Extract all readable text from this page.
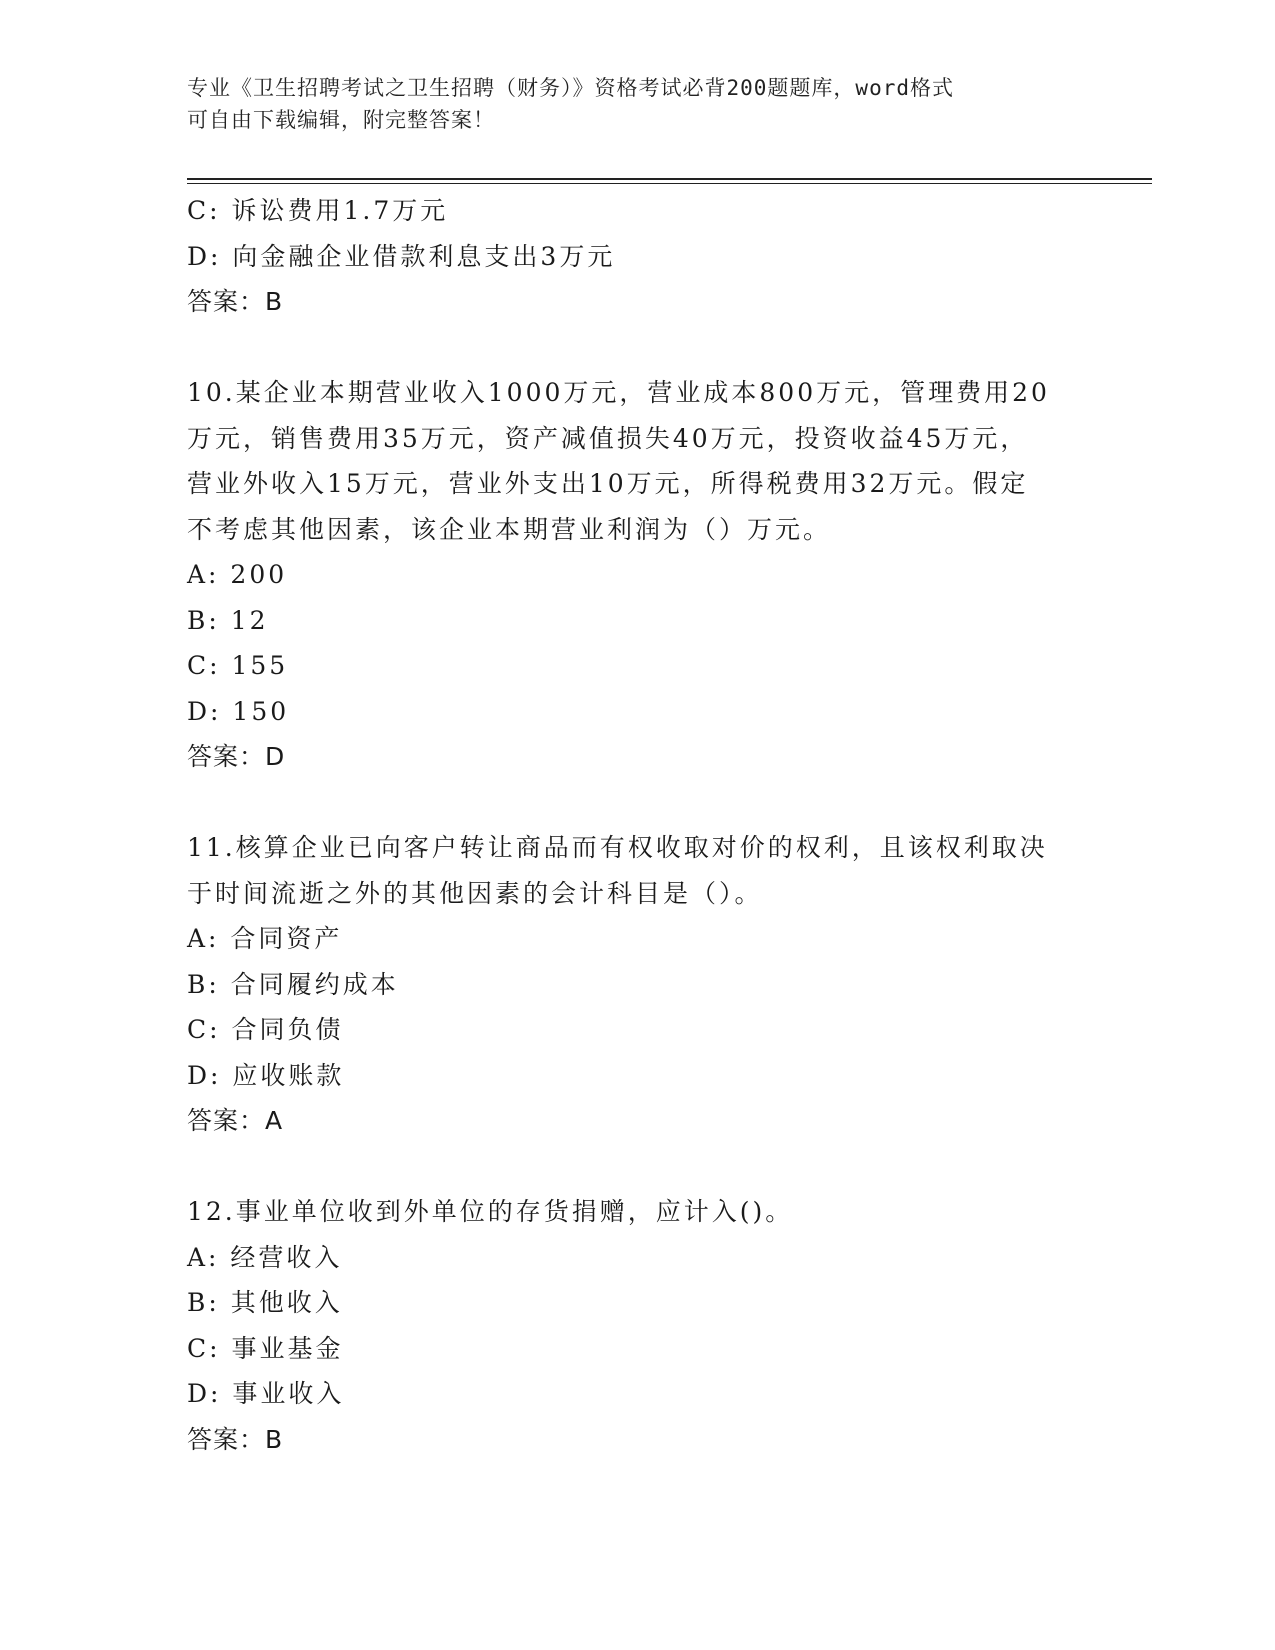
专业《卫生招聘考试之卫生招聘（财务）》资格考试必背200题题库，word格式
可自由下载编辑，附完整答案！
C: 诉讼费用1.7万元
D: 向金融企业借款利息支出3万元
答案：B
10.某企业本期营业收入1000万元，营业成本800万元，管理费用20
万元，销售费用35万元，资产减值损失40万元，投资收益45万元，
营业外收入15万元，营业外支出10万元，所得税费用32万元。假定
不考虑其他因素，该企业本期营业利润为（）万元。
A: 200
B: 12
C: 155
D: 150
答案：D
11.核算企业已向客户转让商品而有权收取对价的权利，且该权利取决
于时间流逝之外的其他因素的会计科目是（）。
A: 合同资产
B: 合同履约成本
C: 合同负债
D: 应收账款
答案：A
12.事业单位收到外单位的存货捐赠，应计入()。
A: 经营收入
B: 其他收入
C: 事业基金
D: 事业收入
答案：B
